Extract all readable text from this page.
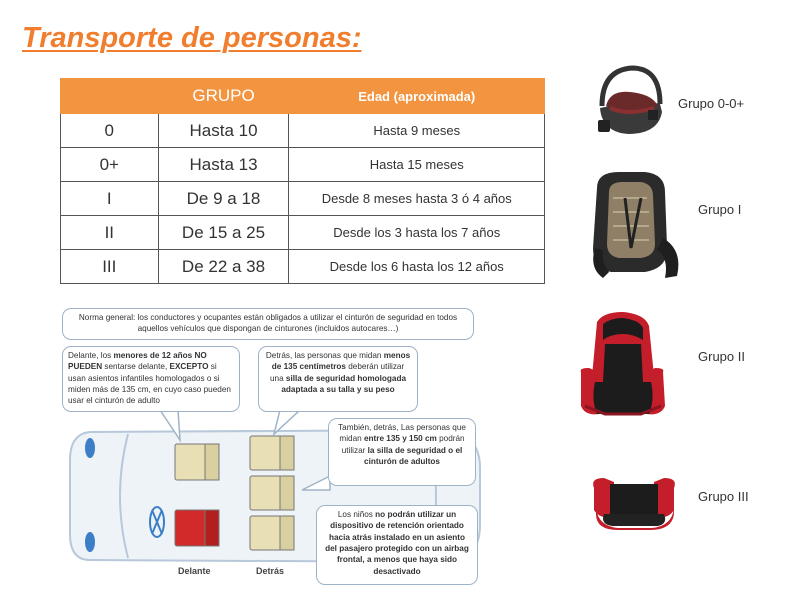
Transporte de personas:
	GRUPO	Edad (aproximada)
0	Hasta 10	Hasta 9 meses
0+	Hasta 13	Hasta 15 meses
I	De 9 a 18	Desde 8 meses hasta 3 ó 4 años
II	De 15 a 25	Desde los 3 hasta los 7 años
III	De 22 a 38	Desde los 6 hasta los 12 años
Grupo 0-0+
Grupo I
Grupo II
Grupo III
Norma general: los conductores y ocupantes están obligados a utilizar el cinturón de seguridad en todos aquellos vehículos que dispongan de cinturones (incluidos autocares…)
Delante, los menores de 12 años NO PUEDEN sentarse delante, EXCEPTO si usan asientos infantiles homologados o si miden más de 135 cm, en cuyo caso pueden usar el cinturón de adulto
Detrás, las personas que midan menos de 135 centímetros deberán utilizar una silla de seguridad homologada adaptada a su talla y su peso
También, detrás, Las personas que midan entre 135 y 150 cm podrán utilizar la silla de seguridad o el cinturón de adultos
Los niños no podrán utilizar un dispositivo de retención orientado hacia atrás instalado en un asiento del pasajero protegido con un airbag frontal, a menos que haya sido desactivado
Delante	Detrás
